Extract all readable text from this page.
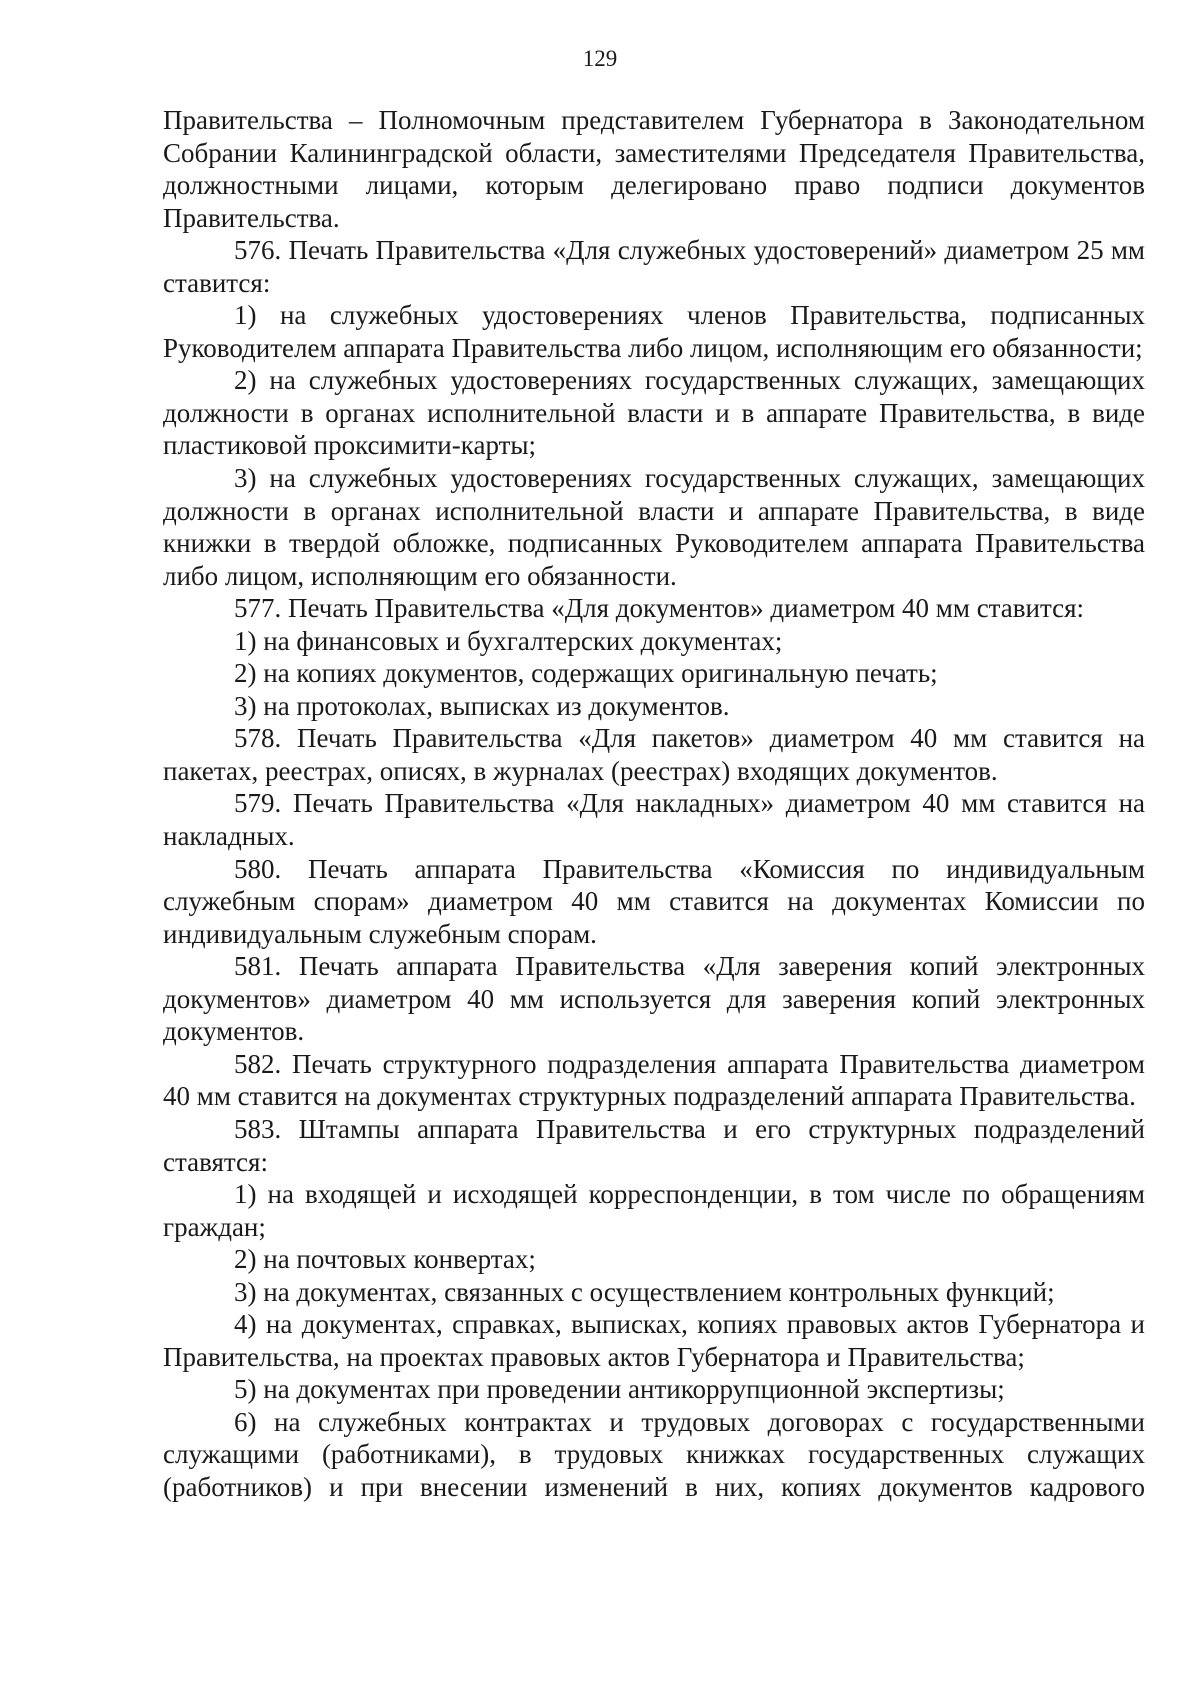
129

Правительства – Полномочным представителем Губернатора в Законодательном Собрании Калининградской области, заместителями Председателя Правительства, должностными лицами, которым делегировано право подписи документов Правительства.

576. Печать Правительства «Для служебных удостоверений» диаметром 25 мм ставится:

1) на служебных удостоверениях членов Правительства, подписанных Руководителем аппарата Правительства либо лицом, исполняющим его обязанности;

2) на служебных удостоверениях государственных служащих, замещающих должности в органах исполнительной власти и в аппарате Правительства, в виде пластиковой проксимити-карты;

3) на служебных удостоверениях государственных служащих, замещающих должности в органах исполнительной власти и аппарате Правительства, в виде книжки в твердой обложке, подписанных Руководителем аппарата Правительства либо лицом, исполняющим его обязанности.

577. Печать Правительства «Для документов» диаметром 40 мм ставится:

1) на финансовых и бухгалтерских документах;

2) на копиях документов, содержащих оригинальную печать;

3) на протоколах, выписках из документов.

578. Печать Правительства «Для пакетов» диаметром 40 мм ставится на пакетах, реестрах, описях, в журналах (реестрах) входящих документов.

579. Печать Правительства «Для накладных» диаметром 40 мм ставится на накладных.

580. Печать аппарата Правительства «Комиссия по индивидуальным служебным спорам» диаметром 40 мм ставится на документах Комиссии по индивидуальным служебным спорам.

581. Печать аппарата Правительства «Для заверения копий электронных документов» диаметром 40 мм используется для заверения копий электронных документов.

582. Печать структурного подразделения аппарата Правительства диаметром 40 мм ставится на документах структурных подразделений аппарата Правительства.

583. Штампы аппарата Правительства и его структурных подразделений ставятся:

1) на входящей и исходящей корреспонденции, в том числе по обращениям граждан;

2) на почтовых конвертах;

3) на документах, связанных с осуществлением контрольных функций;

4) на документах, справках, выписках, копиях правовых актов Губернатора и Правительства, на проектах правовых актов Губернатора и Правительства;

5) на документах при проведении антикоррупционной экспертизы;

6) на служебных контрактах и трудовых договорах с государственными служащими (работниками), в трудовых книжках государственных служащих (работников) и при внесении изменений в них, копиях документов кадрового
